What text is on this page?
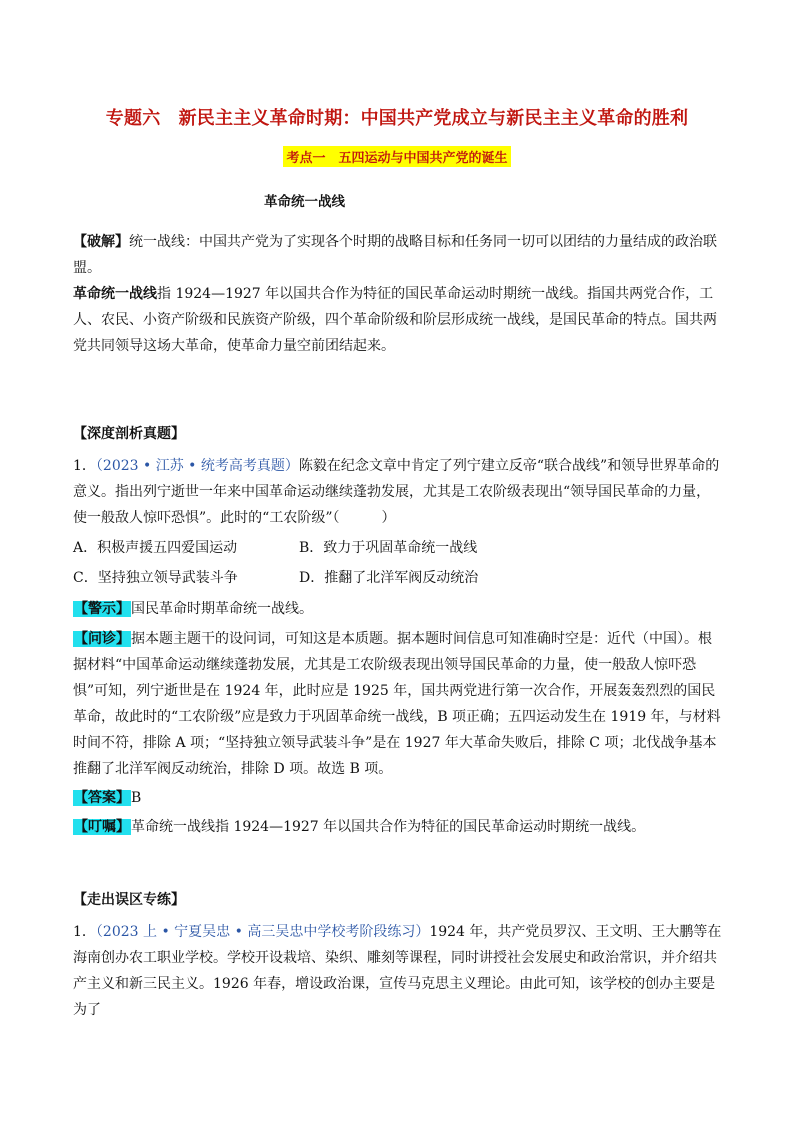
专题六　新民主主义革命时期：中国共产党成立与新民主主义革命的胜利
考点一　五四运动与中国共产党的诞生
革命统一战线

【破解】统一战线：中国共产党为了实现各个时期的战略目标和任务同一切可以团结的力量结成的政治联盟。

革命统一战线指 1924—1927 年以国共合作为特征的国民革命运动时期统一战线。指国共两党合作，工人、农民、小资产阶级和民族资产阶级，四个革命阶级和阶层形成统一战线，是国民革命的特点。国共两党共同领导这场大革命，使革命力量空前团结起来。

【深度剖析真题】

1．（2023 • 江苏 • 统考高考真题）陈毅在纪念文章中肯定了列宁建立反帝“联合战线”和领导世界革命的意义。指出列宁逝世一年来中国革命运动继续蓬勃发展，尤其是工农阶级表现出“领导国民革命的力量，使一般敌人惊吓恐惧”。此时的“工农阶级”（　　　）

A．积极声援五四爱国运动	B．致力于巩固革命统一战线
C．坚持独立领导武装斗争	D．推翻了北洋军阀反动统治

【警示】国民革命时期革命统一战线。

【问诊】据本题主题干的设问词，可知这是本质题。据本题时间信息可知准确时空是：近代（中国）。根据材料“中国革命运动继续蓬勃发展，尤其是工农阶级表现出领导国民革命的力量，使一般敌人惊吓恐惧”可知，列宁逝世是在 1924 年，此时应是 1925 年，国共两党进行第一次合作，开展轰轰烈烈的国民革命，故此时的“工农阶级”应是致力于巩固革命统一战线，B 项正确；五四运动发生在 1919 年，与材料时间不符，排除 A 项；“坚持独立领导武装斗争”是在 1927 年大革命失败后，排除 C 项；北伐战争基本推翻了北洋军阀反动统治，排除 D 项。故选 B 项。

【答案】B

【叮嘱】革命统一战线指 1924—1927 年以国共合作为特征的国民革命运动时期统一战线。

【走出误区专练】

1．（2023 上 • 宁夏吴忠 • 高三吴忠中学校考阶段练习）1924 年，共产党员罗汉、王文明、王大鹏等在海南创办农工职业学校。学校开设栽培、染织、雕刻等课程，同时讲授社会发展史和政治常识，并介绍共产主义和新三民主义。1926 年春，增设政治课，宣传马克思主义理论。由此可知，该学校的创办主要是为了
